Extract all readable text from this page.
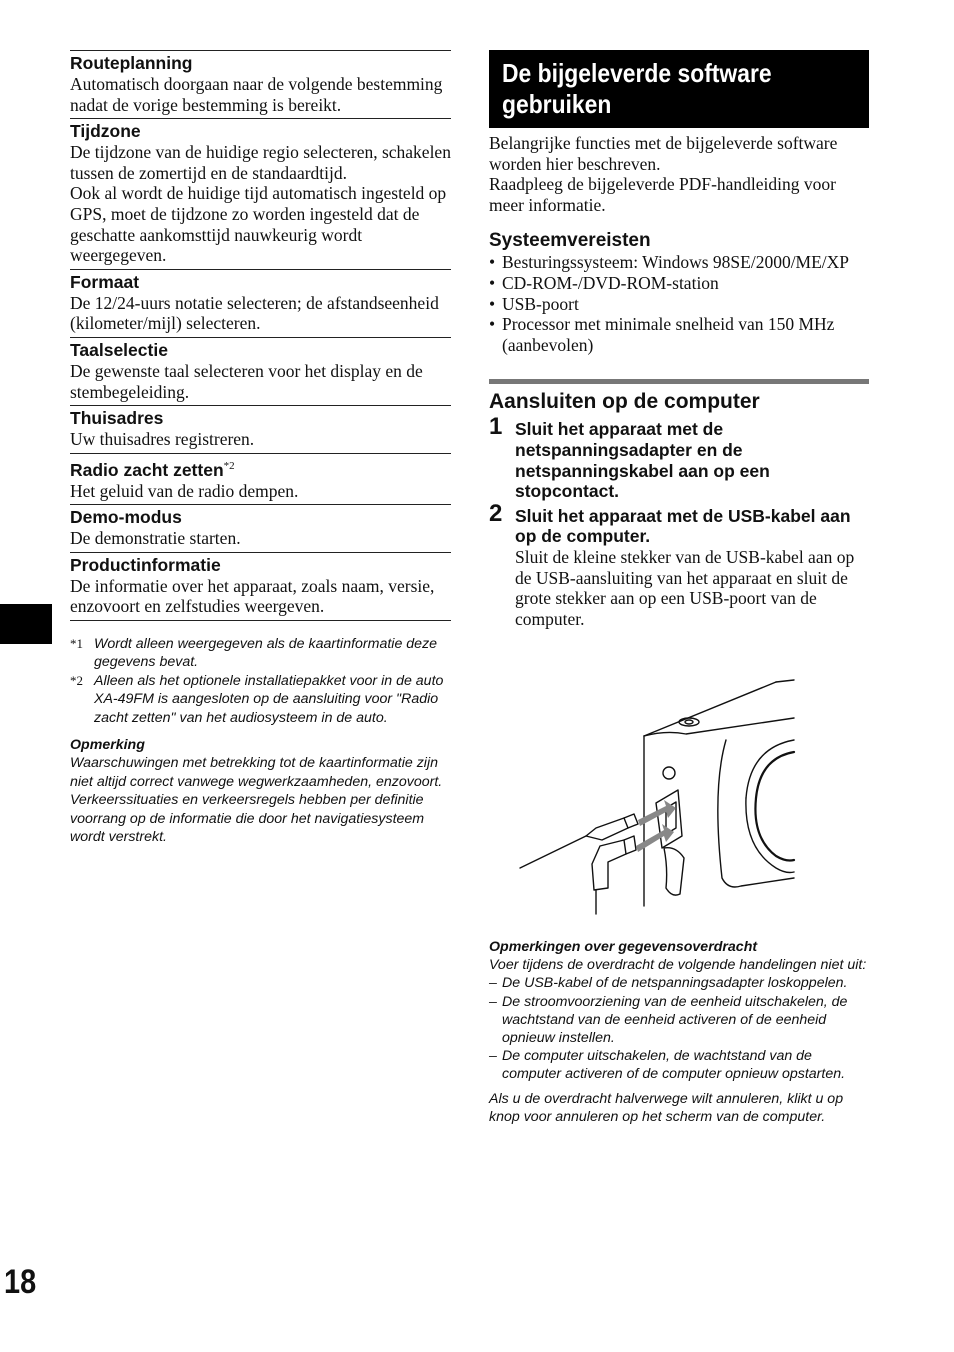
Routeplanning
Automatisch doorgaan naar de volgende bestemming nadat de vorige bestemming is bereikt.
Tijdzone
De tijdzone van de huidige regio selecteren, schakelen tussen de zomertijd en de standaardtijd.
Ook al wordt de huidige tijd automatisch ingesteld op GPS, moet de tijdzone zo worden ingesteld dat de geschatte aankomsttijd nauwkeurig wordt weergegeven.
Formaat
De 12/24-uurs notatie selecteren; de afstandseenheid (kilometer/mijl) selecteren.
Taalselectie
De gewenste taal selecteren voor het display en de stembegeleiding.
Thuisadres
Uw thuisadres registreren.
Radio zacht zetten$^{*2}$
Het geluid van de radio dempen.
Demo-modus
De demonstratie starten.
Productinformatie
De informatie over het apparaat, zoals naam, versie, enzovoort en zelfstudies weergeven.
*1 Wordt alleen weergegeven als de kaartinformatie deze gegevens bevat.
*2 Alleen als het optionele installatiepakket voor in de auto XA-49FM is aangesloten op de aansluiting voor "Radio zacht zetten" van het audiosysteem in de auto.
Opmerking
Waarschuwingen met betrekking tot de kaartinformatie zijn niet altijd correct vanwege wegwerkzaamheden, enzovoort. Verkeerssituaties en verkeersregels hebben per definitie voorrang op de informatie die door het navigatiesysteem wordt verstrekt.
18
De bijgeleverde software
gebruiken
Belangrijke functies met de bijgeleverde software worden hier beschreven.
Raadpleeg de bijgeleverde PDF-handleiding voor meer informatie.
Systeemvereisten
• Besturingssysteem: Windows 98SE/2000/ME/XP
• CD-ROM-/DVD-ROM-station
• USB-poort
• Processor met minimale snelheid van 150 MHz (aanbevolen)
Aansluiten op de computer
1 Sluit het apparaat met de netspanningsadapter en de netspanningskabel aan op een stopcontact.
2 Sluit het apparaat met de USB-kabel aan op de computer.
Sluit de kleine stekker van de USB-kabel aan op de USB-aansluiting van het apparaat en sluit de grote stekker aan op een USB-poort van de computer.
Opmerkingen over gegevensoverdracht
Voer tijdens de overdracht de volgende handelingen niet uit:
– De USB-kabel of de netspanningsadapter loskoppelen.
– De stroomvoorziening van de eenheid uitschakelen, de wachtstand van de eenheid activeren of de eenheid opnieuw instellen.
– De computer uitschakelen, de wachtstand van de computer activeren of de computer opnieuw opstarten.
Als u de overdracht halverwege wilt annuleren, klikt u op knop voor annuleren op het scherm van de computer.
